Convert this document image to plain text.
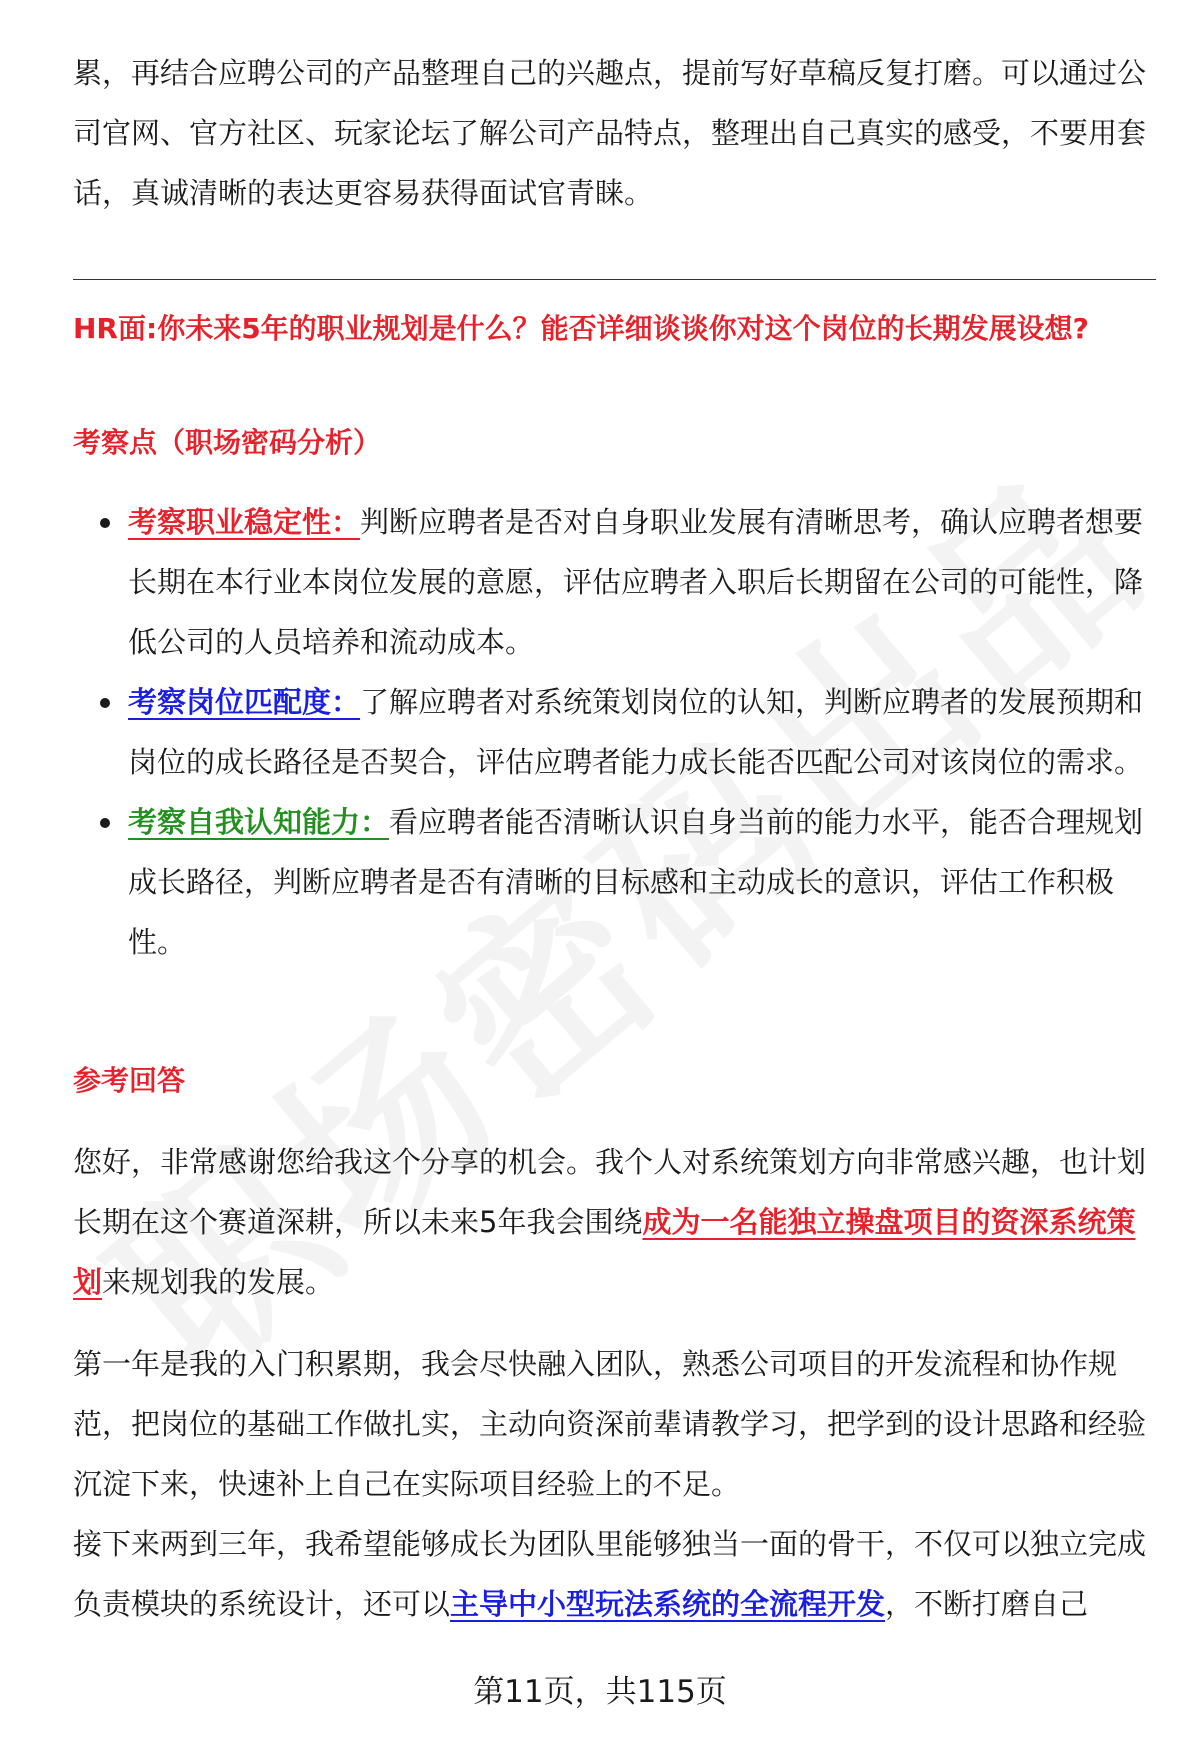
累，再结合应聘公司的产品整理自己的兴趣点，提前写好草稿反复打磨。可以通过公司官网、官方社区、玩家论坛了解公司产品特点，整理出自己真实的感受，不要用套话，真诚清晰的表达更容易获得面试官青睐。

HR面:你未来5年的职业规划是什么？能否详细谈谈你对这个岗位的长期发展设想?

考察点（职场密码分析）

考察职业稳定性：判断应聘者是否对自身职业发展有清晰思考，确认应聘者想要长期在本行业本岗位发展的意愿，评估应聘者入职后长期留在公司的可能性，降低公司的人员培养和流动成本。
考察岗位匹配度：了解应聘者对系统策划岗位的认知，判断应聘者的发展预期和岗位的成长路径是否契合，评估应聘者能力成长能否匹配公司对该岗位的需求。
考察自我认知能力：看应聘者能否清晰认识自身当前的能力水平，能否合理规划成长路径，判断应聘者是否有清晰的目标感和主动成长的意识，评估工作积极性。

参考回答

您好，非常感谢您给我这个分享的机会。我个人对系统策划方向非常感兴趣，也计划长期在这个赛道深耕，所以未来5年我会围绕成为一名能独立操盘项目的资深系统策划来规划我的发展。

第一年是我的入门积累期，我会尽快融入团队，熟悉公司项目的开发流程和协作规范，把岗位的基础工作做扎实，主动向资深前辈请教学习，把学到的设计思路和经验沉淀下来，快速补上自己在实际项目经验上的不足。

接下来两到三年，我希望能够成长为团队里能够独当一面的骨干，不仅可以独立完成负责模块的系统设计，还可以主导中小型玩法系统的全流程开发，不断打磨自己

第11页，共115页
